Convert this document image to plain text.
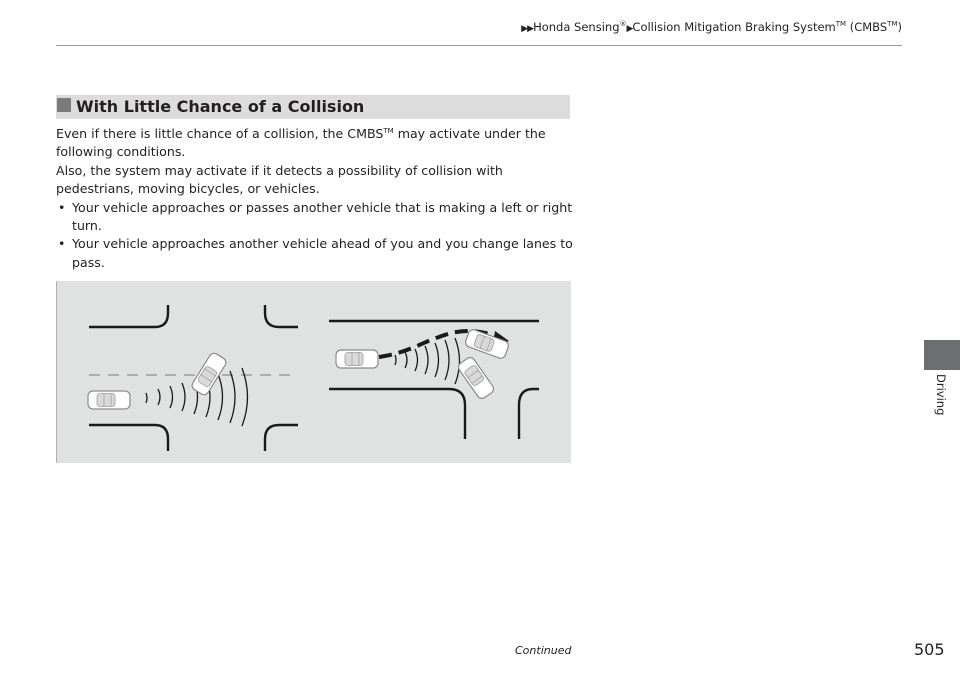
▶▶Honda Sensing®▶Collision Mitigation Braking System™ (CMBS™)
Driving
With Little Chance of a Collision

Even if there is little chance of a collision, the CMBS™ may activate under the following conditions.

Also, the system may activate if it detects a possibility of collision with pedestrians, moving bicycles, or vehicles.

• Your vehicle approaches or passes another vehicle that is making a left or right turn.
• Your vehicle approaches another vehicle ahead of you and you change lanes to pass.
Continued	505
